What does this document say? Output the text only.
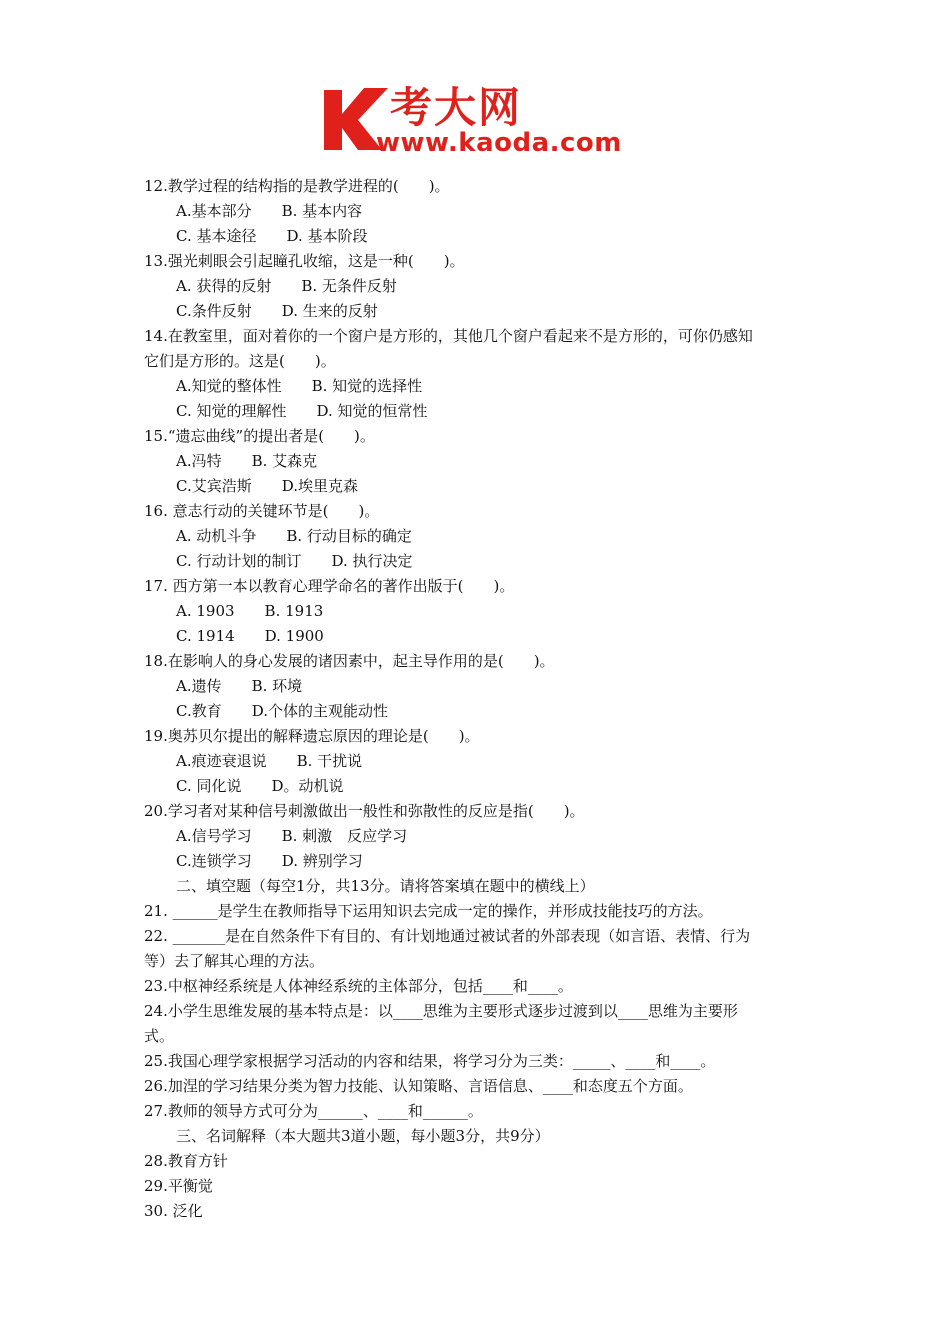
考大网
www.kaoda.com
12.教学过程的结构指的是教学进程的(　　)。
A.基本部分　　B. 基本内容
C. 基本途径　　D. 基本阶段
13.强光刺眼会引起瞳孔收缩，这是一种(　　)。
A. 获得的反射　　B. 无条件反射
C.条件反射　　D. 生来的反射
14.在教室里，面对着你的一个窗户是方形的，其他几个窗户看起来不是方形的，可你仍感知
它们是方形的。这是(　　)。
A.知觉的整体性　　B. 知觉的选择性
C. 知觉的理解性　　D. 知觉的恒常性
15.“遗忘曲线”的提出者是(　　)。
A.冯特　　B. 艾森克
C.艾宾浩斯　　D.埃里克森
16. 意志行动的关键环节是(　　)。
A. 动机斗争　　B. 行动目标的确定
C. 行动计划的制订　　D. 执行决定
17. 西方第一本以教育心理学命名的著作出版于(　　)。
A. 1903　　B. 1913
C. 1914　　D. 1900
18.在影响人的身心发展的诸因素中，起主导作用的是(　　)。
A.遗传　　B. 环境
C.教育　　D.个体的主观能动性
19.奥苏贝尔提出的解释遗忘原因的理论是(　　)。
A.痕迹衰退说　　B. 干扰说
C. 同化说　　D。动机说
20.学习者对某种信号刺激做出一般性和弥散性的反应是指(　　)。
A.信号学习　　B. 刺激　反应学习
C.连锁学习　　D. 辨别学习
二、填空题（每空1分，共13分。请将答案填在题中的横线上）
21. ______是学生在教师指导下运用知识去完成一定的操作，并形成技能技巧的方法。
22. _______是在自然条件下有目的、有计划地通过被试者的外部表现（如言语、表情、行为
等）去了解其心理的方法。
23.中枢神经系统是人体神经系统的主体部分，包括____和____。
24.小学生思维发展的基本特点是：以____思维为主要形式逐步过渡到以____思维为主要形
式。
25.我国心理学家根据学习活动的内容和结果，将学习分为三类：_____、____和____。
26.加涅的学习结果分类为智力技能、认知策略、言语信息、____和态度五个方面。
27.教师的领导方式可分为______、____和______。
三、名词解释（本大题共3道小题，每小题3分，共9分）
28.教育方针
29.平衡觉
30. 泛化
